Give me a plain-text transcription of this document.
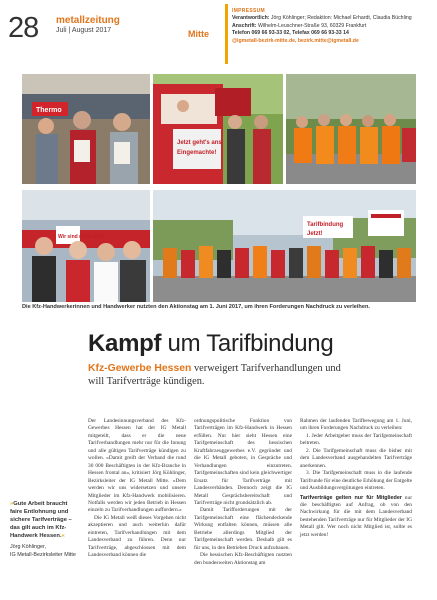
28 metallzeitung
Juli | August 2017	Mitte
IMPRESSUM
Verantwortlich: Jörg Köhlinger; Redaktion: Michael Erhardt, Claudia Büchling
Anschrift: Wilhelm-Leuschner-Straße 93, 60329 Frankfurt
Telefon 069 66 93-33 02, Telefax 069 66 93-33 14
@igmetall-bezirk-mitte.de, bezirk.mitte@igmetall.de
Thermo
Jetzt geht's ans
Eingemachte!
Wir sind mehr wert!
Tarifbindung
Jetzt!
Die Kfz-Handwerkerinnen und Handwerker nutzten den Aktionstag am 1. Juni 2017, um ihren Forderungen Nachdruck zu verleihen.
Kampf um Tarifbindung
Kfz-Gewerbe Hessen verweigert Tarifverhandlungen und will Tarifverträge kündigen.
»Gute Arbeit braucht faire Entlohnung und sichere Tarifverträge – das gilt auch im Kfz-Handwerk Hessen.«
Jörg Köhlinger,
IG Metall-Bezirksleiter Mitte

Der Landesinnungsverband des Kfz-Gewerbes Hessen hat der IG Metall mitgeteilt, dass er die neue Tarifverhandlungen mehr nur für die Innung und alle gültigen Tarifverträge kündigen zu wollen. »Damit greift der Verband die rund 30 000 Beschäftigten in der Kfz-Branche in Hessen frontal an«, kritisiert Jörg Köhlinger, Bezirksleiter der IG Metall Mitte. »Dem werden wir uns widersetzen und unsere Mitglieder im Kfz-Handwerk mobilisieren. Notfalls werden wir jeden Betrieb in Hessen einzeln zu Tarifverhandlungen auffordern.«

Die IG Metall weiß dieses Vorgehen nicht akzeptieren und auch weiterhin dafür eintreten, Tarifverhandlungen mit dem Landesverband zu führen. Denn nur Tarifverträge, abgeschlossen mit dem Landesverband können die

ordnungspolitische Funktion von Tarifverträgen im Kfz-Handwerk in Hessen erfüllen. Nur hier sieht Hessen eine Tarifgemeinschaft des hessischen Kraftfahrzeuggewerbes e.V. gegründet und die IG Metall geboten, in Gespräche und Verhandlungen einzutreten. Tarifgemeinschaften sind kein gleichwertiger Ersatz für Tarifverträge mit Landesverbänden. Dennoch zeigt die IG Metall Gesprächsbereitschaft und Tarifverträge nicht grundsätzlich ab.

Damit Tarifforderungen mit der Tarifgemeinschaft eine flächendeckende Wirkung entfalten können, müssen alle Betriebe allerdings Mitglied der Tarifgemeinschaft werden. Deshalb gilt es für uns, in den Betrieben Druck aufzubauen.

Die hessischen Kfz-Beschäftigten nutzten den bundesweiten Aktionstag am

Rahmen der laufenden Tarifbewegung am 1. Juni, um ihren Forderungen Nachdruck zu verleihen:

1. Jeder Arbeitgeber muss der Tarifgemeinschaft beitreten.

2. Die Tarifgemeinschaft muss die bisher mit dem Landesverband ausgehandelten Tarifverträge anerkennen.

3. Die Tarifgemeinschaft muss in die laufende Tarifrunde für eine deutliche Erhöhung der Entgelte und Ausbildungsvergütungen eintreten.

Tarifverträge gelten nur für Mitglieder nur die beschäftigten auf Anfrag, ob von den Nachwirkung für die mit dem Landesverband bestehenden Tarifverträge nur für Mitglieder der IG Metall gilt. Wer noch nicht Mitglied ist, sollte es jetzt werden!
